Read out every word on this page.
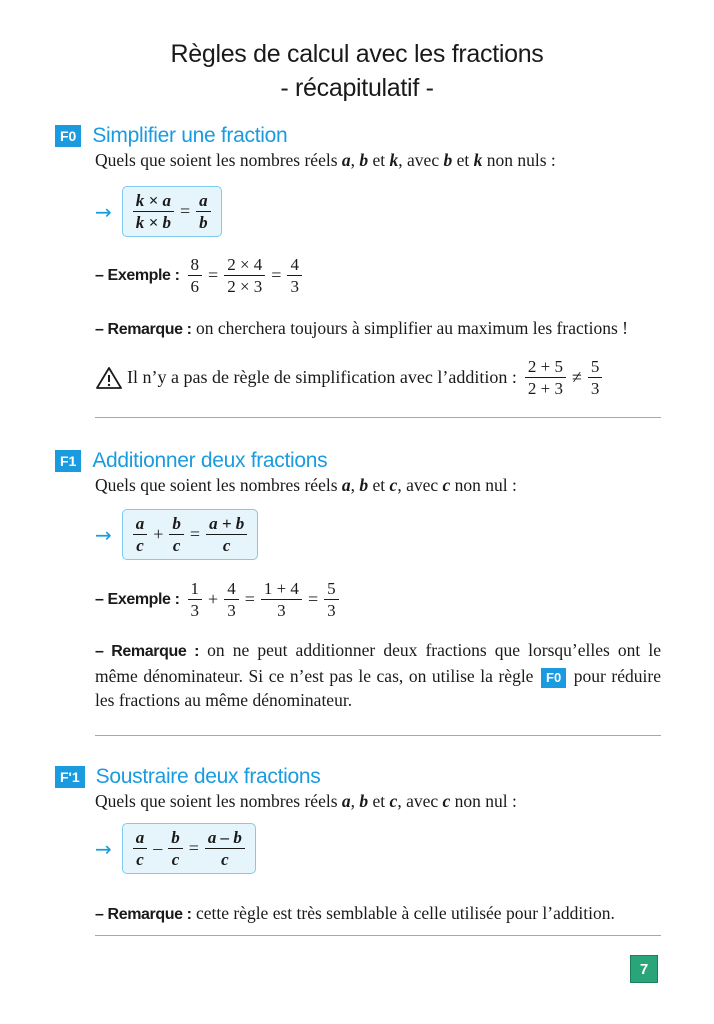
Règles de calcul avec les fractions
- récapitulatif -
F0 Simplifier une fraction
Quels que soient les nombres réels a, b et k, avec b et k non nuls :
→ $\frac{k \times a}{k \times b} = \frac{a}{b}$
– Exemple : $\frac{8}{6} = \frac{2 \times 4}{2 \times 3} = \frac{4}{3}$
– Remarque : on cherchera toujours à simplifier au maximum les fractions !
Il n’y a pas de règle de simplification avec l’addition : $\frac{2 + 5}{2 + 3} \ne \frac{5}{3}$
F1 Additionner deux fractions
Quels que soient les nombres réels a, b et c, avec c non nul :
→ $\frac{a}{c} + \frac{b}{c} = \frac{a + b}{c}$
– Exemple : $\frac{1}{3} + \frac{4}{3} = \frac{1 + 4}{3} = \frac{5}{3}$
– Remarque : on ne peut additionner deux fractions que lorsqu’elles ont le même dénominateur. Si ce n’est pas le cas, on utilise la règle F0 pour réduire les fractions au même dénominateur.
F'1 Soustraire deux fractions
Quels que soient les nombres réels a, b et c, avec c non nul :
→ $\frac{a}{c} - \frac{b}{c} = \frac{a - b}{c}$
– Remarque : cette règle est très semblable à celle utilisée pour l’addition.
7
